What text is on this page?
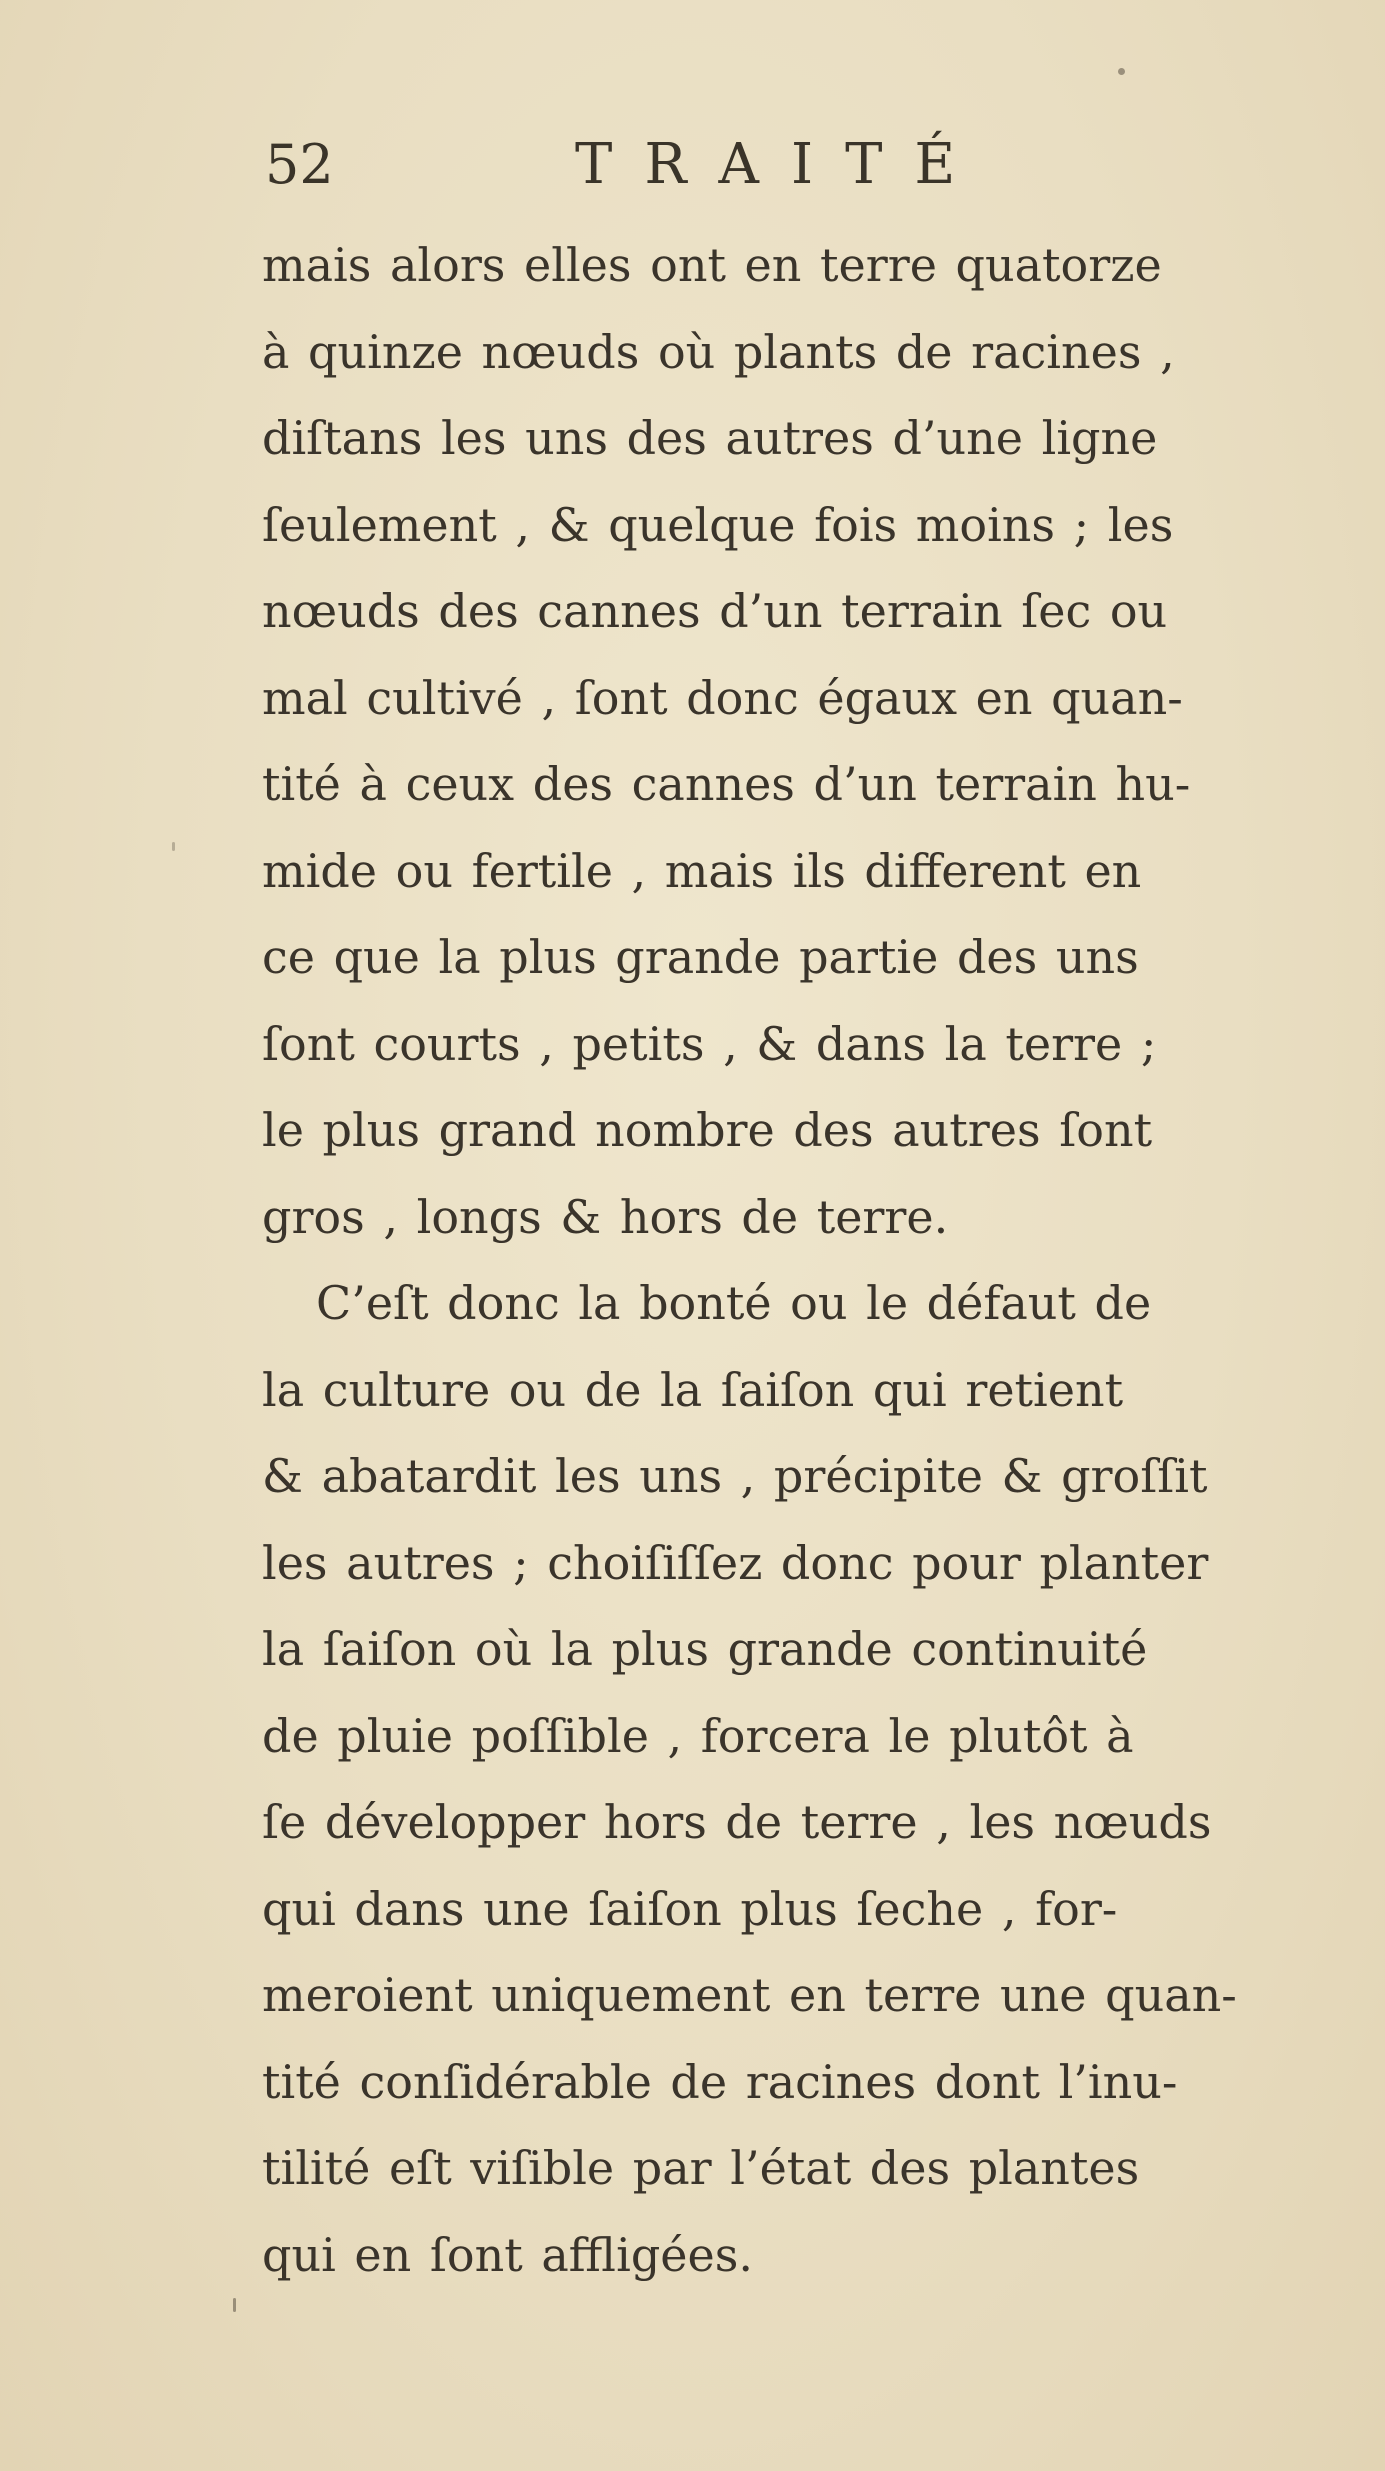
52	TRAITÉ
mais alors elles ont en terre quatorze
à quinze nœuds où plants de racines ,
diſtans les uns des autres d’une ligne
ſeulement , & quelque fois moins ; les
nœuds des cannes d’un terrain ſec ou
mal cultivé , ſont donc égaux en quan-
tité à ceux des cannes d’un terrain hu-
mide ou fertile , mais ils different en
ce que la plus grande partie des uns
ſont courts , petits , & dans la terre ;
le plus grand nombre des autres ſont
gros , longs & hors de terre.
C’eſt donc la bonté ou le défaut de
la culture ou de la ſaiſon qui retient
& abatardit les uns , précipite & groſſit
les autres ; choiſiſſez donc pour planter
la ſaiſon où la plus grande continuité
de pluie poſſible , forcera le plutôt à
ſe développer hors de terre , les nœuds
qui dans une ſaiſon plus ſeche , for-
meroient uniquement en terre une quan-
tité conſidérable de racines dont l’inu-
tilité eſt viſible par l’état des plantes
qui en ſont affligées.
